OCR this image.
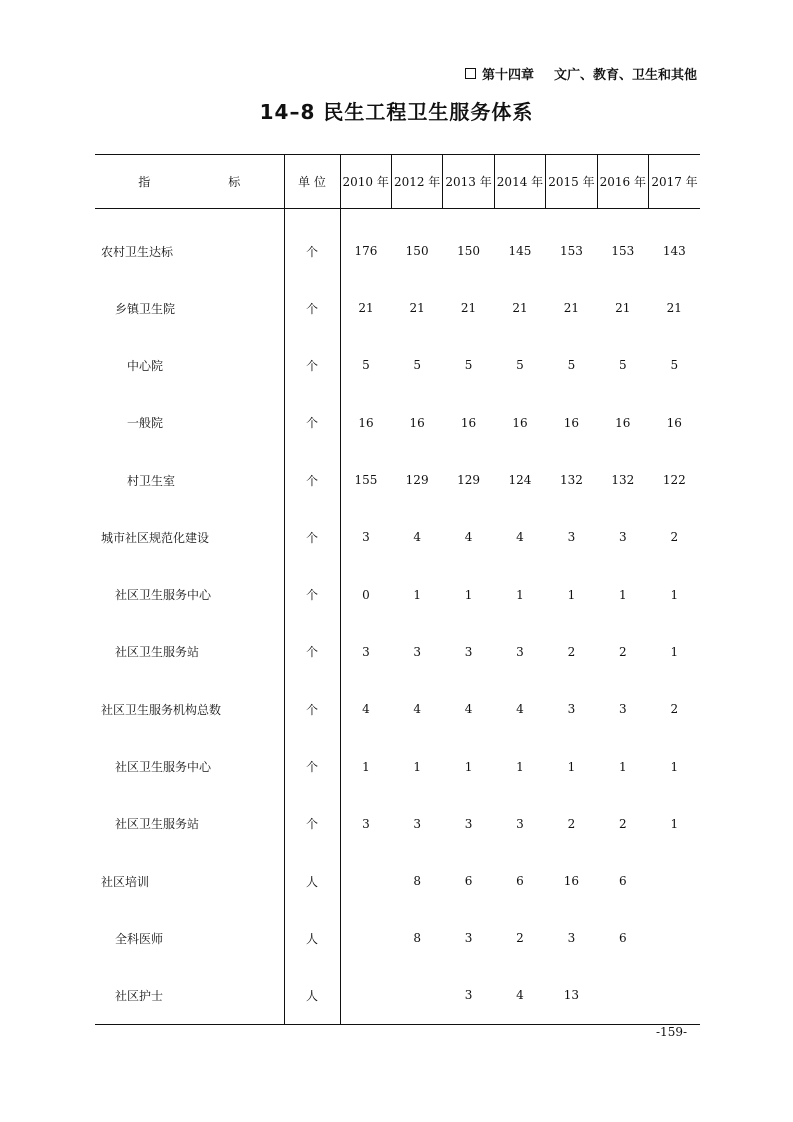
第十四章 文广、教育、卫生和其他
14–8 民生工程卫生服务体系
指 标	单 位	2010 年	2012 年	2013 年	2014 年	2015 年	2016 年	2017 年
农村卫生达标	个	176	150	150	145	153	153	143
乡镇卫生院	个	21	21	21	21	21	21	21
中心院	个	5	5	5	5	5	5	5
一般院	个	16	16	16	16	16	16	16
村卫生室	个	155	129	129	124	132	132	122
城市社区规范化建设	个	3	4	4	4	3	3	2
社区卫生服务中心	个	0	1	1	1	1	1	1
社区卫生服务站	个	3	3	3	3	2	2	1
社区卫生服务机构总数	个	4	4	4	4	3	3	2
社区卫生服务中心	个	1	1	1	1	1	1	1
社区卫生服务站	个	3	3	3	3	2	2	1
社区培训	人		8	6	6	16	6	
全科医师	人		8	3	2	3	6	
社区护士	人			3	4	13		
-159-
